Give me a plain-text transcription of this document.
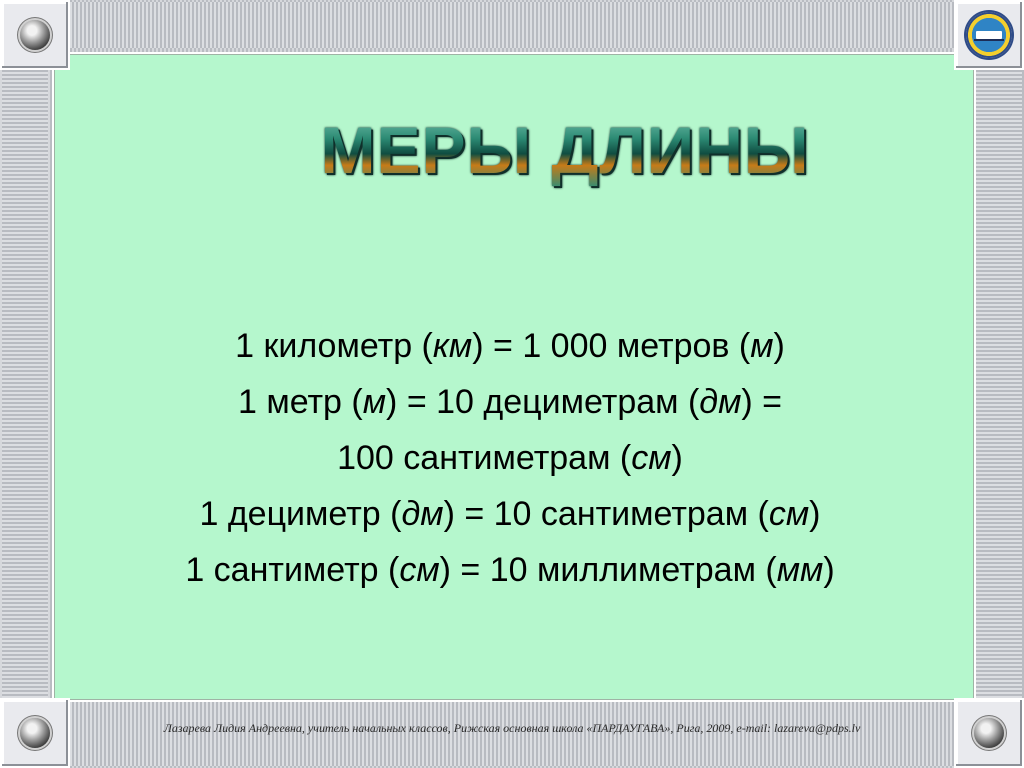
МЕРЫ ДЛИНЫ
1 километр (км) = 1 000 метров (м)
1 метр (м) = 10 дециметрам (дм) =
100 сантиметрам (см)
1 дециметр (дм) = 10 сантиметрам (см)
1 сантиметр (см) = 10 миллиметрам (мм)
Лазарева Лидия Андреевна, учитель начальных классов, Рижская основная школа «ПАРДАУГАВА», Рига, 2009, e-mail: lazareva@pdps.lv
